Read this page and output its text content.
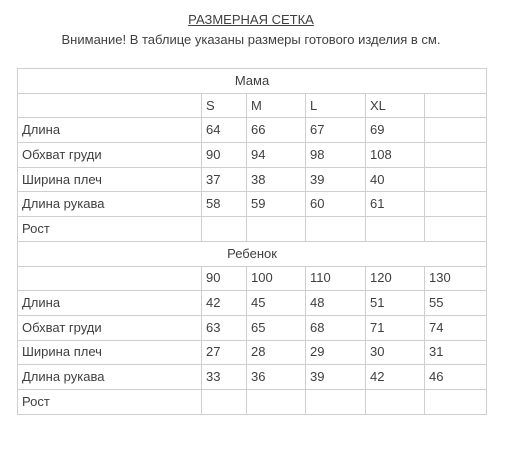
РАЗМЕРНАЯ СЕТКА
Внимание! В таблице указаны размеры готового изделия в см.
Мама					
	S	M	L	XL	
Длина	64	66	67	69	
Обхват груди	90	94	98	108	
Ширина плеч	37	38	39	40	
Длина рукава	58	59	60	61	
Рост					
Ребенок					
	90	100	110	120	130
Длина	42	45	48	51	55
Обхват груди	63	65	68	71	74
Ширина плеч	27	28	29	30	31
Длина рукава	33	36	39	42	46
Рост					
